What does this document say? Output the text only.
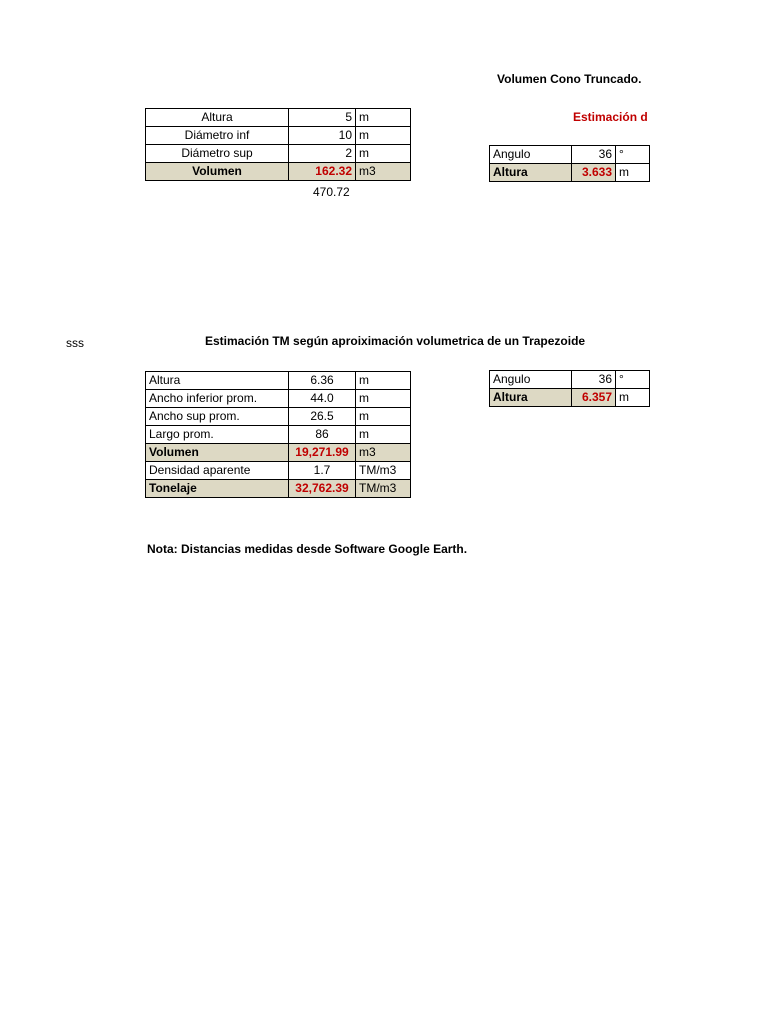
Volumen Cono Truncado.
Estimación d
Altura	5	m
Diámetro inf	10	m
Diámetro sup	2	m
Volumen	162.32	m3
470.72
Angulo	36	°
Altura	3.633	m
sss	Estimación TM según aproiximación volumetrica de un Trapezoide
Altura	6.36	m
Ancho inferior prom.	44.0	m
Ancho sup prom.	26.5	m
Largo prom.	86	m
Volumen	19,271.99	m3
Densidad aparente	1.7	TM/m3
Tonelaje	32,762.39	TM/m3
Angulo	36	°
Altura	6.357	m
Nota: Distancias medidas desde Software Google Earth.
